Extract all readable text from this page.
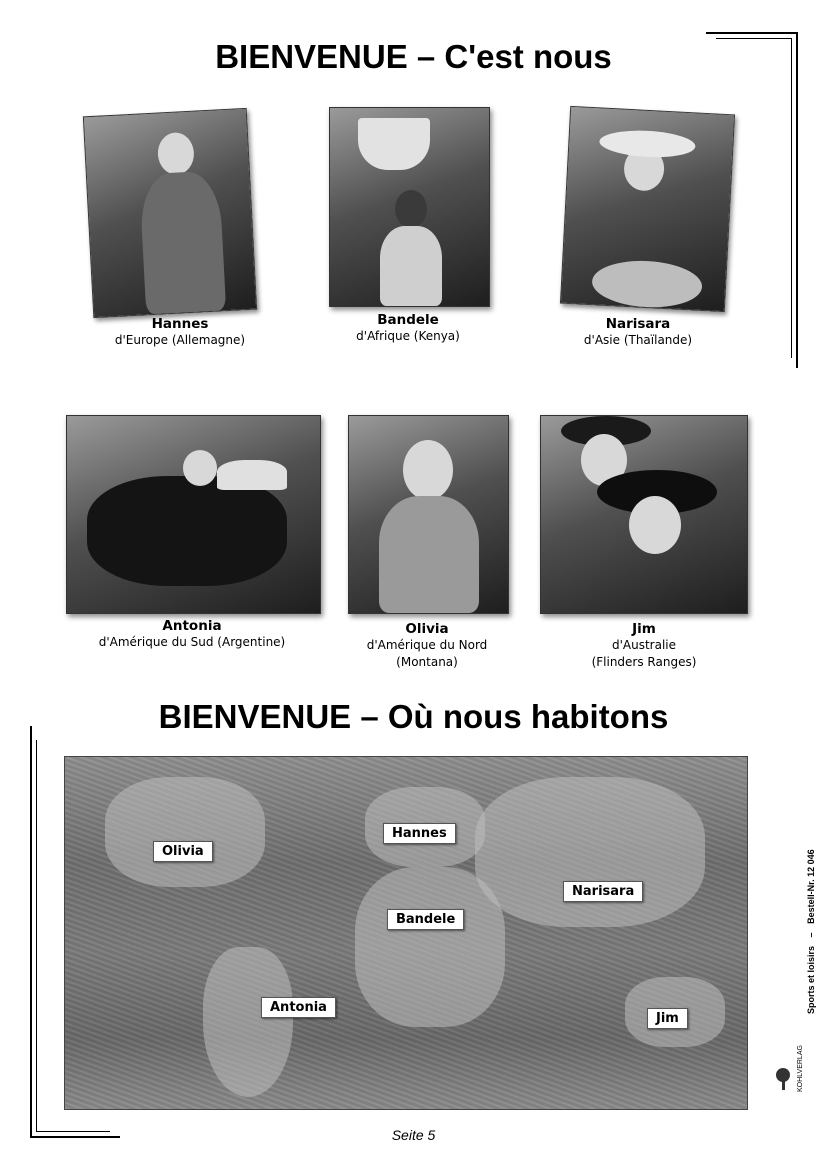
BIENVENUE – C'est nous
Hannes
d'Europe (Allemagne)
Bandele
d'Afrique (Kenya)
Narisara
d'Asie (Thaïlande)
Antonia
d'Amérique du Sud (Argentine)
Olivia
d'Amérique du Nord
(Montana)
Jim
d'Australie
(Flinders Ranges)
BIENVENUE – Où nous habitons
Olivia
Hannes
Narisara
Bandele
Antonia
Jim
Sports et loisirs – Bestell-Nr. 12 046
KOHLVERLAG
Seite 5
